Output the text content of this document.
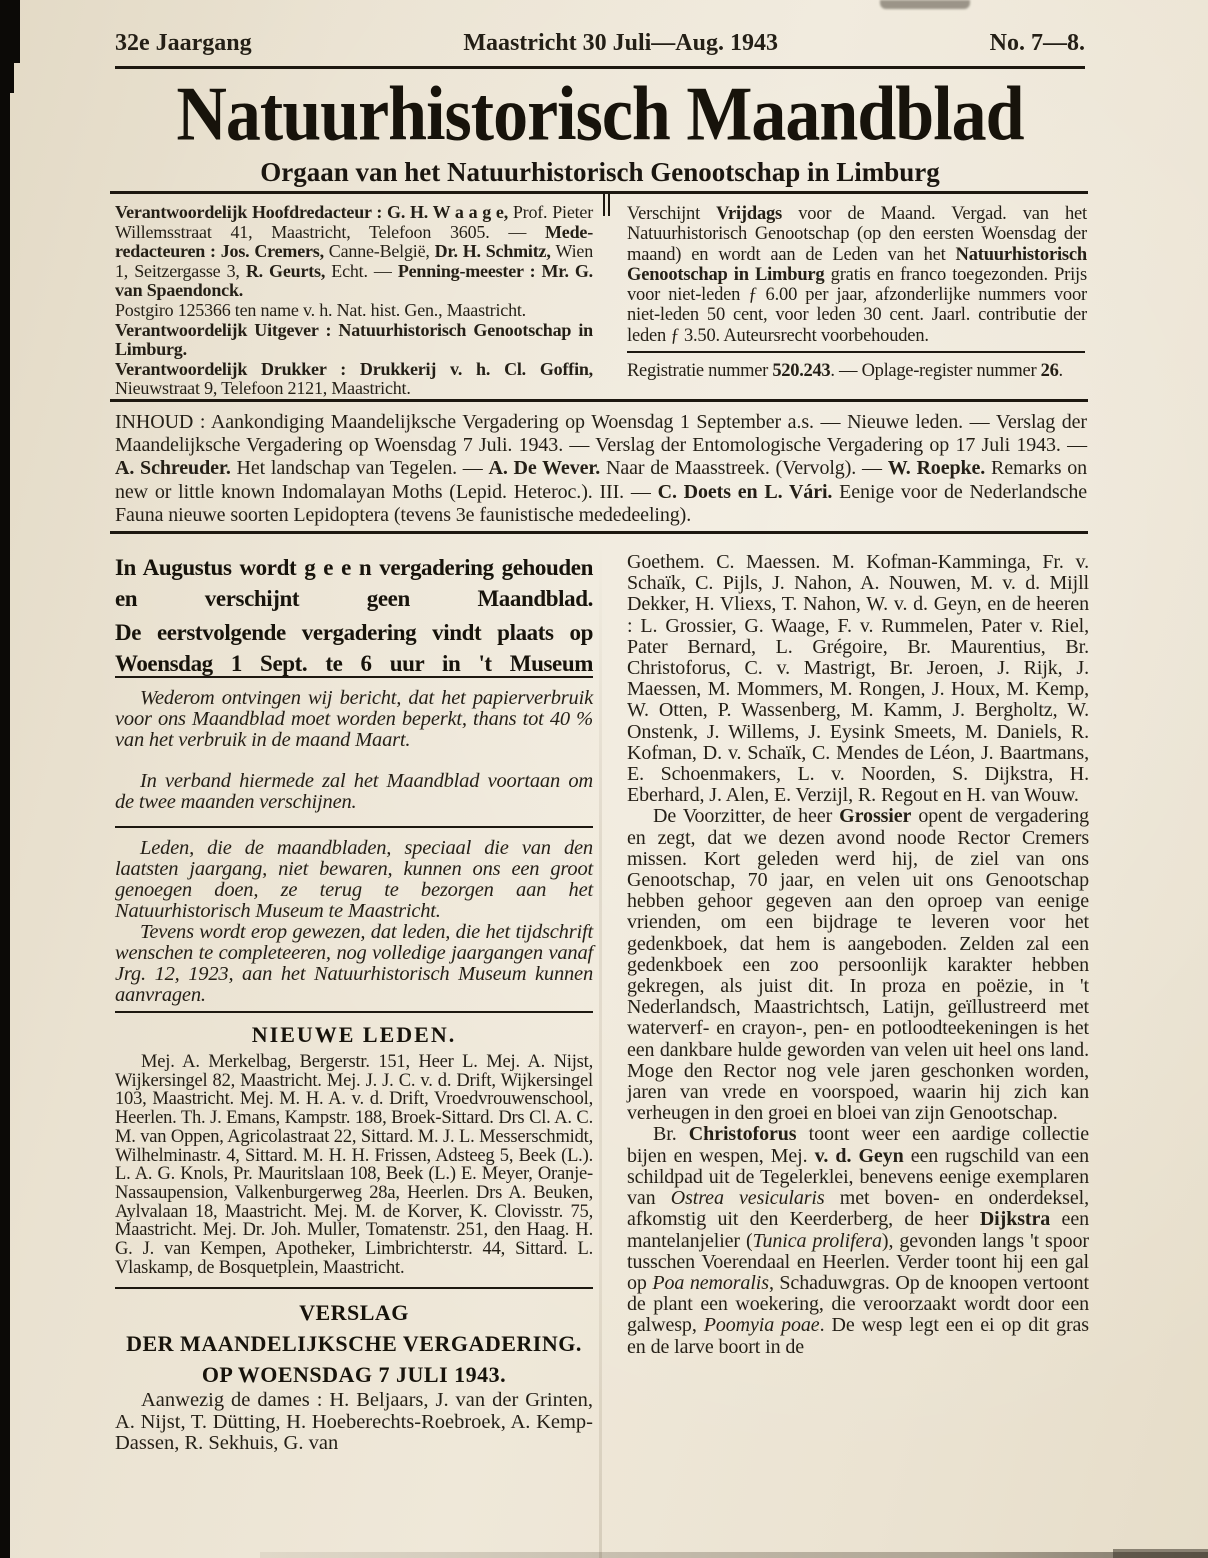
32e Jaargang	Maastricht 30 Juli—Aug. 1943	No. 7—8.
Natuurhistorisch Maandblad
Orgaan van het Natuurhistorisch Genootschap in Limburg

Verantwoordelijk Hoofdredacteur : G. H. W a a g e, Prof. Pieter Willemsstraat 41, Maastricht, Telefoon 3605. — Mede-redacteuren : Jos. Cremers, Canne-België, Dr. H. Schmitz, Wien 1, Seitzergasse 3, R. Geurts, Echt. — Penning-meester : Mr. G. van Spaendonck.

Postgiro 125366 ten name v. h. Nat. hist. Gen., Maastricht.

Verantwoordelijk Uitgever : Natuurhistorisch Genootschap in Limburg.

Verantwoordelijk Drukker : Drukkerij v. h. Cl. Goffin, Nieuwstraat 9, Telefoon 2121, Maastricht.

Verschijnt Vrijdags voor de Maand. Vergad. van het Natuurhistorisch Genootschap (op den eersten Woensdag der maand) en wordt aan de Leden van het Natuurhistorisch Genootschap in Limburg gratis en franco toegezonden. Prijs voor niet-leden ƒ 6.00 per jaar, afzonderlijke nummers voor niet-leden 50 cent, voor leden 30 cent. Jaarl. contributie der leden ƒ 3.50. Auteursrecht voorbehouden.

Registratie nummer 520.243. — Oplage-register nummer 26.
INHOUD : Aankondiging Maandelijksche Vergadering op Woensdag 1 September a.s. — Nieuwe leden. — Verslag der Maandelijksche Vergadering op Woensdag 7 Juli. 1943. — Verslag der Entomologische Vergadering op 17 Juli 1943. — A. Schreuder. Het landschap van Tegelen. — A. De Wever. Naar de Maasstreek. (Vervolg). — W. Roepke. Remarks on new or little known Indomalayan Moths (Lepid. Heteroc.). III. — C. Doets en L. Vári. Eenige voor de Nederlandsche Fauna nieuwe soorten Lepidoptera (tevens 3e faunistische mededeeling).
In Augustus wordt g e e n vergadering gehouden en verschijnt geen Maandblad.
De eerstvolgende vergadering vindt plaats op Woensdag 1 Sept. te 6 uur in 't Museum
Wederom ontvingen wij bericht, dat het papierverbruik voor ons Maandblad moet worden beperkt, thans tot 40 % van het verbruik in de maand Maart.
In verband hiermede zal het Maandblad voortaan om de twee maanden verschijnen.
Leden, die de maandbladen, speciaal die van den laatsten jaargang, niet bewaren, kunnen ons een groot genoegen doen, ze terug te bezorgen aan het Natuurhistorisch Museum te Maastricht.
Tevens wordt erop gewezen, dat leden, die het tijdschrift wenschen te completeeren, nog volledige jaargangen vanaf Jrg. 12, 1923, aan het Natuurhistorisch Museum kunnen aanvragen.
NIEUWE LEDEN.
Mej. A. Merkelbag, Bergerstr. 151, Heer L. Mej. A. Nijst, Wijkersingel 82, Maastricht. Mej. J. J. C. v. d. Drift, Wijkersingel 103, Maastricht. Mej. M. H. A. v. d. Drift, Vroedvrouwenschool, Heerlen. Th. J. Emans, Kampstr. 188, Broek-Sittard. Drs Cl. A. C. M. van Oppen, Agricolastraat 22, Sittard. M. J. L. Messerschmidt, Wilhelminastr. 4, Sittard. M. H. H. Frissen, Adsteeg 5, Beek (L.). L. A. G. Knols, Pr. Mauritslaan 108, Beek (L.) E. Meyer, Oranje-Nassaupension, Valkenburgerweg 28a, Heerlen. Drs A. Beuken, Aylvalaan 18, Maastricht. Mej. M. de Korver, K. Clovisstr. 75, Maastricht. Mej. Dr. Joh. Muller, Tomatenstr. 251, den Haag. H. G. J. van Kempen, Apotheker, Limbrichterstr. 44, Sittard. L. Vlaskamp, de Bosquetplein, Maastricht.
VERSLAG
DER MAANDELIJKSCHE VERGADERING.
OP WOENSDAG 7 JULI 1943.
Aanwezig de dames : H. Beljaars, J. van der Grinten, A. Nijst, T. Dütting, H. Hoeberechts-Roebroek, A. Kemp-Dassen, R. Sekhuis, G. van

Goethem. C. Maessen. M. Kofman-Kamminga, Fr. v. Schaïk, C. Pijls, J. Nahon, A. Nouwen, M. v. d. Mijll Dekker, H. Vliexs, T. Nahon, W. v. d. Geyn, en de heeren : L. Grossier, G. Waage, F. v. Rummelen, Pater v. Riel, Pater Bernard, L. Grégoire, Br. Maurentius, Br. Christoforus, C. v. Mastrigt, Br. Jeroen, J. Rijk, J. Maessen, M. Mommers, M. Rongen, J. Houx, M. Kemp, W. Otten, P. Wassenberg, M. Kamm, J. Bergholtz, W. Onstenk, J. Willems, J. Eysink Smeets, M. Daniels, R. Kofman, D. v. Schaïk, C. Mendes de Léon, J. Baartmans, E. Schoenmakers, L. v. Noorden, S. Dijkstra, H. Eberhard, J. Alen, E. Verzijl, R. Regout en H. van Wouw.

De Voorzitter, de heer Grossier opent de vergadering en zegt, dat we dezen avond noode Rector Cremers missen. Kort geleden werd hij, de ziel van ons Genootschap, 70 jaar, en velen uit ons Genootschap hebben gehoor gegeven aan den oproep van eenige vrienden, om een bijdrage te leveren voor het gedenkboek, dat hem is aangeboden. Zelden zal een gedenkboek een zoo persoonlijk karakter hebben gekregen, als juist dit. In proza en poëzie, in 't Nederlandsch, Maastrichtsch, Latijn, geïllustreerd met waterverf- en crayon-, pen- en potloodteekeningen is het een dankbare hulde geworden van velen uit heel ons land. Moge den Rector nog vele jaren geschonken worden, jaren van vrede en voorspoed, waarin hij zich kan verheugen in den groei en bloei van zijn Genootschap.

Br. Christoforus toont weer een aardige collectie bijen en wespen, Mej. v. d. Geyn een rugschild van een schildpad uit de Tegelerklei, benevens eenige exemplaren van Ostrea vesicularis met boven- en onderdeksel, afkomstig uit den Keerderberg, de heer Dijkstra een mantelanjelier (Tunica prolifera), gevonden langs 't spoor tusschen Voerendaal en Heerlen. Verder toont hij een gal op Poa nemoralis, Schaduwgras. Op de knoopen vertoont de plant een woekering, die veroorzaakt wordt door een galwesp, Poomyia poae. De wesp legt een ei op dit gras en de larve boort in de
